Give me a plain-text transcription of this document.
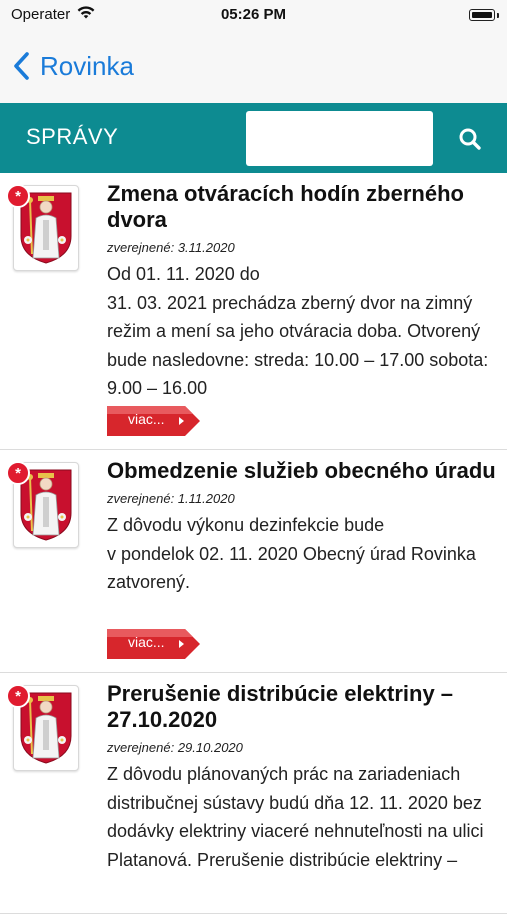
Operater	05:26 PM
Rovinka
SPRÁVY
*	Zmena otváracích hodín zberného dvora
zverejnené: 3.11.2020
Od 01. 11. 2020 do
31. 03. 2021 prechádza zberný dvor na zimný režim a mení sa jeho otváracia doba. Otvorený bude nasledovne: streda: 10.00 – 17.00 sobota: 9.00 – 16.00
viac...
*	Obmedzenie služieb obecného úradu
zverejnené: 1.11.2020
Z dôvodu výkonu dezinfekcie bude
v pondelok 02. 11. 2020 Obecný úrad Rovinka zatvorený.
viac...
*	Prerušenie distribúcie elektriny – 27.10.2020
zverejnené: 29.10.2020
Z dôvodu plánovaných prác na zariadeniach distribučnej sústavy budú dňa 12. 11. 2020 bez dodávky elektriny viaceré nehnuteľnosti na ulici Platanová. Prerušenie distribúcie elektriny –
